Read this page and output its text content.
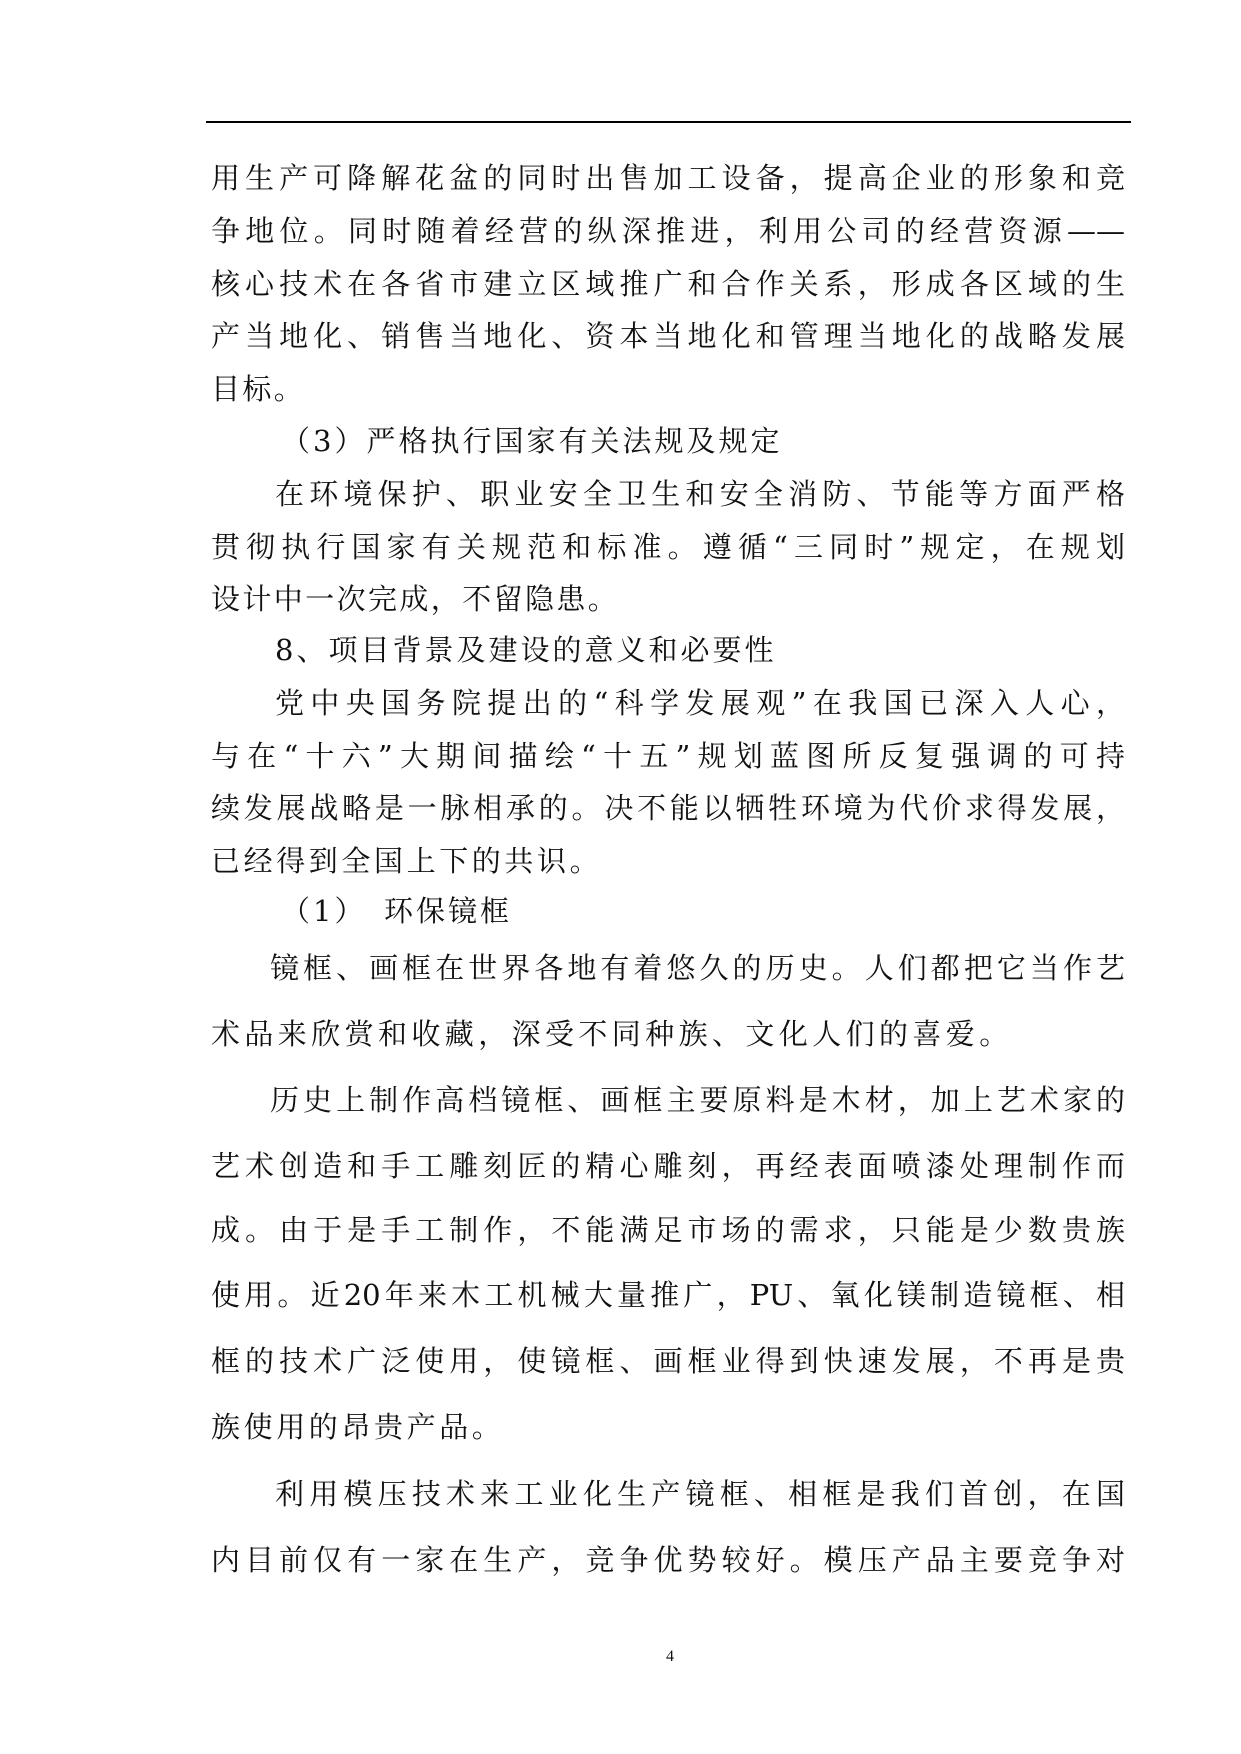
用生产可降解花盆的同时出售加工设备，提高企业的形象和竞
争地位。同时随着经营的纵深推进，利用公司的经营资源——
核心技术在各省市建立区域推广和合作关系，形成各区域的生
产当地化、销售当地化、资本当地化和管理当地化的战略发展
目标。
（3）严格执行国家有关法规及规定
在环境保护、职业安全卫生和安全消防、节能等方面严格
贯彻执行国家有关规范和标准。遵循“三同时”规定，在规划
设计中一次完成，不留隐患。
8、项目背景及建设的意义和必要性
党中央国务院提出的“科学发展观”在我国已深入人心，
与在“十六”大期间描绘“十五”规划蓝图所反复强调的可持
续发展战略是一脉相承的。决不能以牺牲环境为代价求得发展，
已经得到全国上下的共识。
（1）　环保镜框
镜框、画框在世界各地有着悠久的历史。人们都把它当作艺
术品来欣赏和收藏，深受不同种族、文化人们的喜爱。
历史上制作高档镜框、画框主要原料是木材，加上艺术家的
艺术创造和手工雕刻匠的精心雕刻，再经表面喷漆处理制作而
成。由于是手工制作，不能满足市场的需求，只能是少数贵族
使用。近20年来木工机械大量推广，PU、氧化镁制造镜框、相
框的技术广泛使用，使镜框、画框业得到快速发展，不再是贵
族使用的昂贵产品。
利用模压技术来工业化生产镜框、相框是我们首创，在国
内目前仅有一家在生产，竞争优势较好。模压产品主要竞争对
4
